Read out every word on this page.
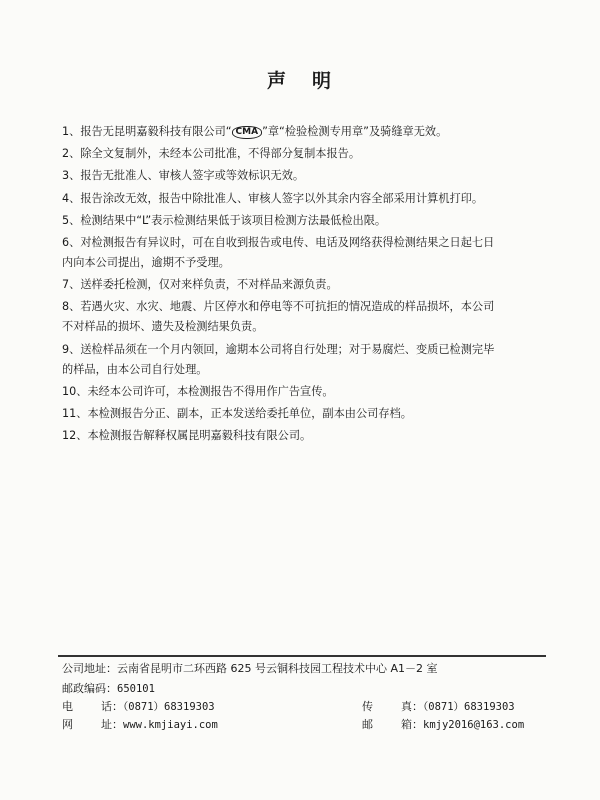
声 明
1、报告无昆明嘉毅科技有限公司“ CMA ”章“检验检测专用章”及骑缝章无效。
2、除全文复制外，未经本公司批准，不得部分复制本报告。
3、报告无批准人、审核人签字或等效标识无效。
4、报告涂改无效，报告中除批准人、审核人签字以外其余内容全部采用计算机打印。
5、检测结果中“L”表示检测结果低于该项目检测方法最低检出限。
6、对检测报告有异议时，可在自收到报告或电传、电话及网络获得检测结果之日起七日
内向本公司提出，逾期不予受理。
7、送样委托检测，仅对来样负责，不对样品来源负责。
8、若遇火灾、水灾、地震、片区停水和停电等不可抗拒的情况造成的样品损坏，本公司
不对样品的损坏、遗失及检测结果负责。
9、送检样品须在一个月内领回，逾期本公司将自行处理；对于易腐烂、变质已检测完毕
的样品，由本公司自行处理。
10、未经本公司许可，本检测报告不得用作广告宣传。
11、本检测报告分正、副本，正本发送给委托单位，副本由公司存档。
12、本检测报告解释权属昆明嘉毅科技有限公司。
公司地址：云南省昆明市二环西路 625 号云铜科技园工程技术中心 A1－2 室
邮政编码：650101
电	话：（0871）68319303	传	真：（0871）68319303
网	址：www.kmjiayi.com	邮	箱：kmjy2016@163.com
